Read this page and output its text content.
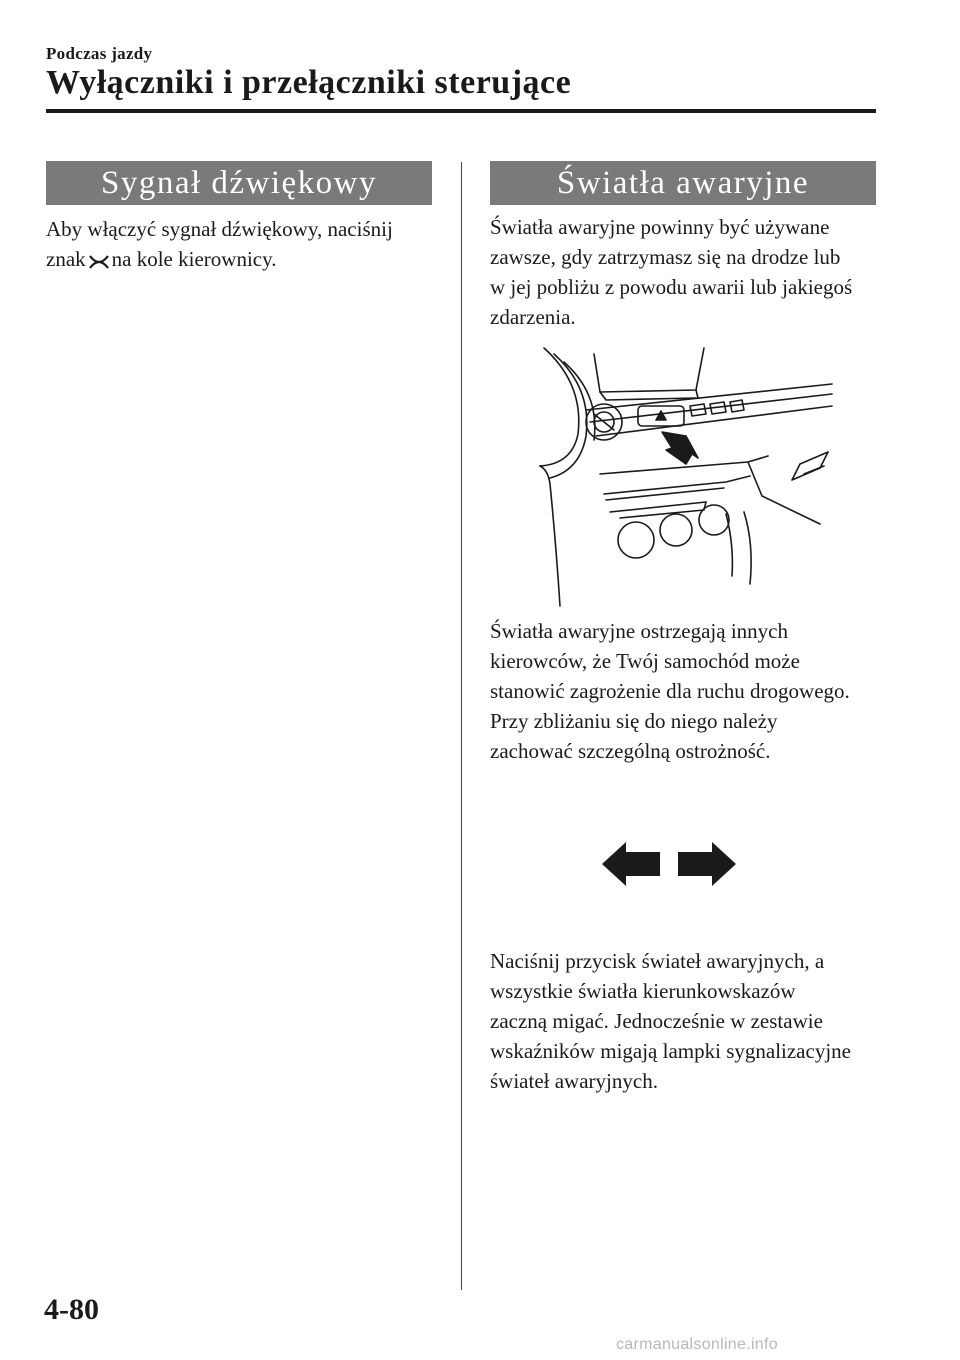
Podczas jazdy
Wyłączniki i przełączniki sterujące
Sygnał dźwiękowy

Aby włączyć sygnał dźwiękowy, naciśnij
znak na kole kierownicy.

Światła awaryjne

Światła awaryjne powinny być używane
zawsze, gdy zatrzymasz się na drodze lub
w jej pobliżu z powodu awarii lub jakiegoś
zdarzenia.

Światła awaryjne ostrzegają innych
kierowców, że Twój samochód może
stanowić zagrożenie dla ruchu drogowego.
Przy zbliżaniu się do niego należy
zachować szczególną ostrożność.

Naciśnij przycisk świateł awaryjnych, a
wszystkie światła kierunkowskazów
zaczną migać. Jednocześnie w zestawie
wskaźników migają lampki sygnalizacyjne
świateł awaryjnych.

4-80
carmanualsonline.info
